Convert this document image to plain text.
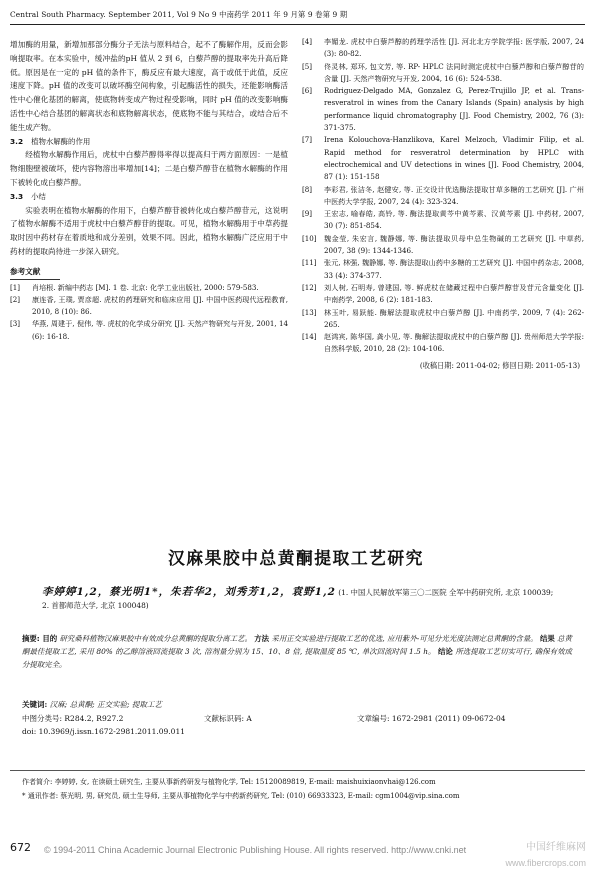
Central South Pharmacy. September 2011, Vol 9 No 9 中南药学 2011 年 9 月第 9 卷第 9 期

增加酶的用量，新增加那部分酶分子无法与原料结合，起不了酶解作用，反而会影响提取率。在本实验中，缓冲盐的pH 值从 2 到 6，白藜芦醇的提取率先升高后降低。原因是在一定的 pH 值的条件下，酶反应有最大速度，高于或低于此值，反应速度下降。pH 值的改变可以破坏酶空间构象，引起酶活性的损失，还能影响酶活性中心催化基团的解离，使底物转变成产物过程受影响，同时 pH 值的改变影响酶活性中心结合基团的解离状态和底物解离状态，使底物不能与其结合，或结合后不能生成产物。

3.2 植物水解酶的作用

经植物水解酶作用后，虎杖中白藜芦醇得率得以提高归于两方面原因：一是植物细胞壁被破坏，使内容物溶出率增加[14]；二是白藜芦醇苷在植物水解酶的作用下被转化成白藜芦醇。

3.3 小结

实验表明在植物水解酶的作用下，白藜芦醇苷被转化成白藜芦醇苷元，这说明了植物水解酶不适用于虎杖中白藜芦醇苷的提取。可见，植物水解酶用于中草药提取时因中药材存在着质地和成分差别，效果不同。因此，植物水解酶广泛应用于中药材的提取尚待进一步深入研究。

参考文献
[1]	肖培根. 新编中药志 [M]. 1 卷. 北京: 化学工业出版社, 2000: 579-583.
[2]	康连香, 王璞, 贾彦超. 虎杖的药理研究和临床应用 [J]. 中国中医药现代远程教育, 2010, 8 (10): 86.
[3]	华燕, 周建于, 倪伟, 等. 虎杖的化学成分研究 [J]. 天然产物研究与开发, 2001, 14 (6): 16-18.
[4]	李媚龙. 虎杖中白藜芦醇的药理学活性 [J]. 河北北方学院学报: 医学版, 2007, 24 (3): 80-82.
[5]	佟灵林, 郑环, 包文芳, 等. RP- HPLC 法同时测定虎杖中白藜芦醇和白藜芦醇苷的含量 [J]. 天然产物研究与开发, 2004, 16 (6): 524-538.
[6]	Rodriguez-Delgado MA, Gonzalez G, Perez-Trujillo JP, et al. Trans-resveratrol in wines from the Canary Islands (Spain) analysis by high performance liquid chromatography [J]. Food Chemistry, 2002, 76 (3): 371-375.
[7]	Irena Kolouchova-Hanzlikova, Karel Melzoch, Vladimir Filip, et al. Rapid method for resveratrol determination by HPLC with electrochemical and UV detections in wines [J]. Food Chemistry, 2004, 87 (1): 151-158
[8]	李彩君, 张洁冬, 赵健安, 等. 正交设计优选酶法提取甘草多糖的工艺研究 [J]. 广州中医药大学学报, 2007, 24 (4): 323-324.
[9]	王宏志, 喻春皓, 高铃, 等. 酶法提取黄芩中黄芩素、汉黄芩素 [J]. 中药材, 2007, 30 (7): 851-854.
[10]	魏金莹, 朱宏言, 魏静娜, 等. 酶法提取贝母中总生物碱的工艺研究 [J]. 中草药, 2007, 38 (9): 1344-1346.
[11]	张元, 林强, 魏静娜, 等. 酶法提取山药中多糖的工艺研究 [J]. 中国中药杂志, 2008, 33 (4): 374-377.
[12]	刘人树, 石明寿, 曾建国, 等. 鲜虎杖在储藏过程中白藜芦醇苷及苷元含量变化 [J]. 中南药学, 2008, 6 (2): 181-183.
[13]	林玉叶, 易跃能. 酶解法提取虎杖中白藜芦醇 [J]. 中南药学, 2009, 7 (4): 262-265.
[14]	赵鸿宾, 陈华国, 龚小见, 等. 酶解法提取虎杖中的白藜芦醇 [J]. 贵州师范大学学报: 自然科学版, 2010, 28 (2): 104-106.
(收稿日期: 2011-04-02; 修回日期: 2011-05-13)
汉麻果胶中总黄酮提取工艺研究
李婷婷1,2，蔡光明1*，朱若华2，刘秀芳1,2，袁野1,2 (1. 中国人民解放军第三〇二医院 全军中药研究所, 北京 100039; 2. 首都师范大学, 北京 100048)
摘要: 目的 研究桑科植物汉麻果胶中有效成分总黄酮的提取分离工艺。 方法 采用正交实验进行提取工艺的优选, 应用紫外-可见分光光度法测定总黄酮的含量。 结果 总黄酮最佳提取工艺, 采用 80% 的乙醇溶液回流提取 3 次, 溶剂量分别为 15、10、8 倍, 提取温度 85 ℃, 单次回流时间 1.5 h。 结论 所选提取工艺切实可行, 确保有效成分提取完全。
关键词: 汉麻; 总黄酮; 正交实验; 提取工艺
中图分类号: R284.2, R927.2	文献标识码: A	文章编号: 1672-2981 (2011) 09-0672-04
doi: 10.3969/j.issn.1672-2981.2011.09.011
作者简介: 李婷婷, 女, 在读硕士研究生, 主要从事新药研发与植物化学, Tel: 15120089819, E-mail: maishuixiaonvhai@126.com
* 通讯作者: 蔡光明, 男, 研究员, 硕士生导师, 主要从事植物化学与中药新药研究, Tel: (010) 66933323, E-mail: cgm1004@vip.sina.com
672 © 1994-2011 China Academic Journal Electronic Publishing House. All rights reserved. http://www.cnki.net	中国纤维麻网
www.fibercrops.com
